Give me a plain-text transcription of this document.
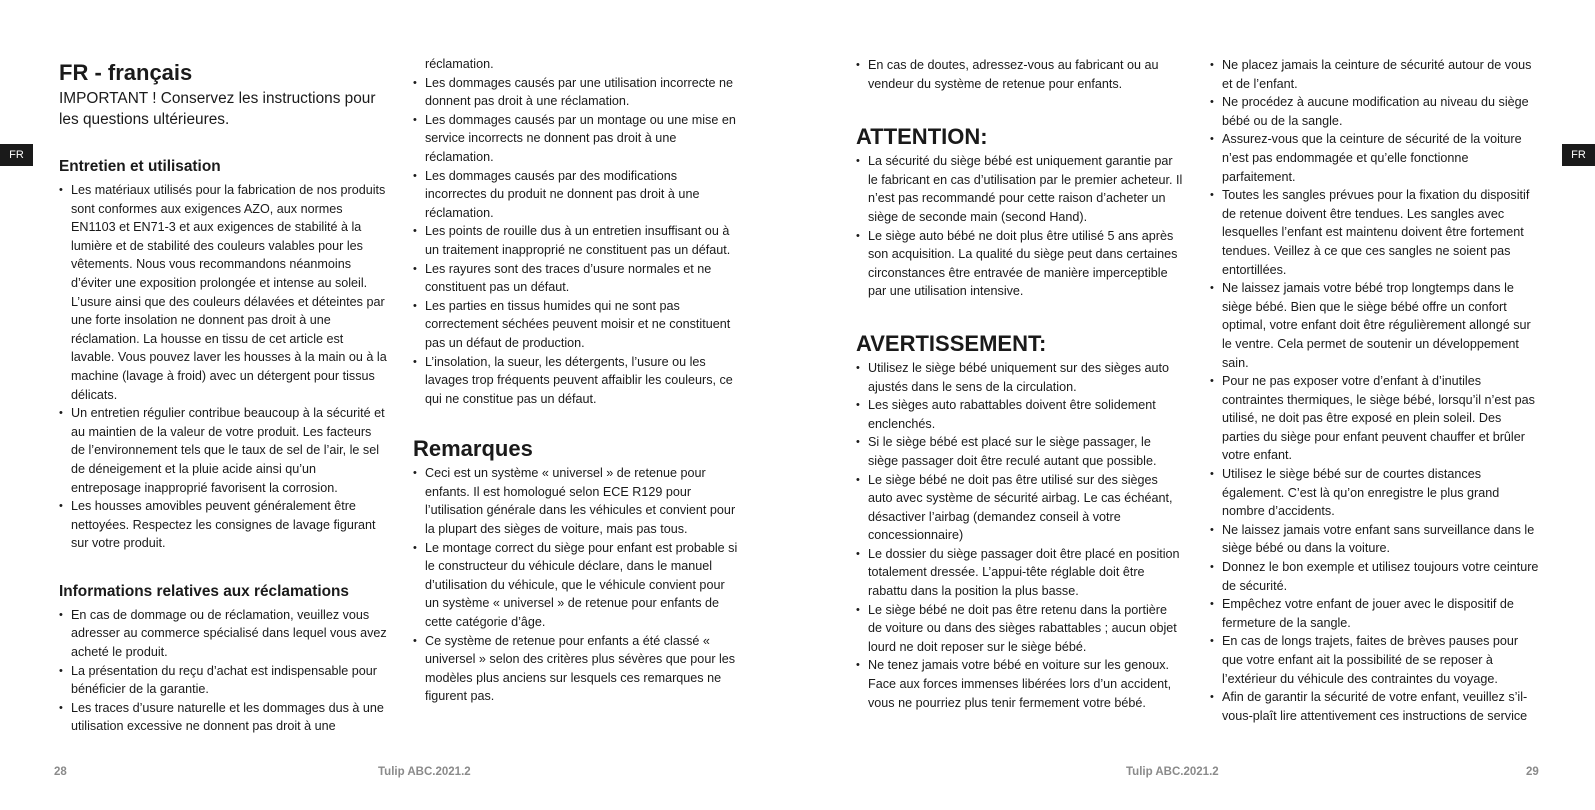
FR	FR
FR - français

IMPORTANT ! Conservez les instructions pour les questions ultérieures.

Entretien et utilisation
• Les matériaux utilisés pour la fabrication de nos produits sont conformes aux exigences AZO, aux normes EN1103 et EN71-3 et aux exigences de stabilité à la lumière et de stabilité des couleurs valables pour les vêtements. Nous vous recommandons néanmoins d’éviter une exposition prolongée et intense au soleil. L’usure ainsi que des couleurs délavées et déteintes par une forte insolation ne donnent pas droit à une réclamation. La housse en tissu de cet article est lavable. Vous pouvez laver les housses à la main ou à la machine (lavage à froid) avec un détergent pour tissus délicats.
• Un entretien régulier contribue beaucoup à la sécurité et au maintien de la valeur de votre produit. Les facteurs de l’environnement tels que le taux de sel de l’air, le sel de déneigement et la pluie acide ainsi qu’un entreposage inapproprié favorisent la corrosion.
• Les housses amovibles peuvent généralement être nettoyées. Respectez les consignes de lavage figurant sur votre produit.
Informations relatives aux réclamations
• En cas de dommage ou de réclamation, veuillez vous adresser au commerce spécialisé dans lequel vous avez acheté le produit.
• La présentation du reçu d’achat est indispensable pour bénéficier de la garantie.
• Les traces d’usure naturelle et les dommages dus à une utilisation excessive ne donnent pas droit à une
réclamation.
• Les dommages causés par une utilisation incorrecte ne donnent pas droit à une réclamation.
• Les dommages causés par un montage ou une mise en service incorrects ne donnent pas droit à une réclamation.
• Les dommages causés par des modifications incorrectes du produit ne donnent pas droit à une réclamation.
• Les points de rouille dus à un entretien insuffisant ou à un traitement inapproprié ne constituent pas un défaut.
• Les rayures sont des traces d’usure normales et ne constituent pas un défaut.
• Les parties en tissus humides qui ne sont pas correctement séchées peuvent moisir et ne constituent pas un défaut de production.
• L’insolation, la sueur, les détergents, l’usure ou les lavages trop fréquents peuvent affaiblir les couleurs, ce qui ne constitue pas un défaut.
Remarques
• Ceci est un système « universel » de retenue pour enfants. Il est homologué selon ECE R129 pour l’utilisation générale dans les véhicules et convient pour la plupart des sièges de voiture, mais pas tous.
• Le montage correct du siège pour enfant est probable si le constructeur du véhicule déclare, dans le manuel d’utilisation du véhicule, que le véhicule convient pour un système « universel » de retenue pour enfants de cette catégorie d’âge.
• Ce système de retenue pour enfants a été classé « universel » selon des critères plus sévères que pour les modèles plus anciens sur lesquels ces remarques ne figurent pas.
• En cas de doutes, adressez-vous au fabricant ou au vendeur du système de retenue pour enfants.
ATTENTION:
• La sécurité du siège bébé est uniquement garantie par le fabricant en cas d’utilisation par le premier acheteur. Il n’est pas recommandé pour cette raison d’acheter un siège de seconde main (second Hand).
• Le siège auto bébé ne doit plus être utilisé 5 ans après son acquisition. La qualité du siège peut dans certaines circonstances être entravée de manière imperceptible par une utilisation intensive.
AVERTISSEMENT:
• Utilisez le siège bébé uniquement sur des sièges auto ajustés dans le sens de la circulation.
• Les sièges auto rabattables doivent être solidement enclenchés.
• Si le siège bébé est placé sur le siège passager, le siège passager doit être reculé autant que possible.
• Le siège bébé ne doit pas être utilisé sur des sièges auto avec système de sécurité airbag. Le cas échéant, désactiver l’airbag (demandez conseil à votre concessionnaire)
• Le dossier du siège passager doit être placé en position totalement dressée. L’appui-tête réglable doit être rabattu dans la position la plus basse.
• Le siège bébé ne doit pas être retenu dans la portière de voiture ou dans des sièges rabattables ; aucun objet lourd ne doit reposer sur le siège bébé.
• Ne tenez jamais votre bébé en voiture sur les genoux. Face aux forces immenses libérées lors d’un accident, vous ne pourriez plus tenir fermement votre bébé.
• Ne placez jamais la ceinture de sécurité autour de vous et de l’enfant.
• Ne procédez à aucune modification au niveau du siège bébé ou de la sangle.
• Assurez-vous que la ceinture de sécurité de la voiture n’est pas endommagée et qu’elle fonctionne parfaitement.
• Toutes les sangles prévues pour la fixation du dispositif de retenue doivent être tendues. Les sangles avec lesquelles l’enfant est maintenu doivent être fortement tendues. Veillez à ce que ces sangles ne soient pas entortillées.
• Ne laissez jamais votre bébé trop longtemps dans le siège bébé. Bien que le siège bébé offre un confort optimal, votre enfant doit être régulièrement allongé sur le ventre. Cela permet de soutenir un développement sain.
• Pour ne pas exposer votre d’enfant à d’inutiles contraintes thermiques, le siège bébé, lorsqu’il n’est pas utilisé, ne doit pas être exposé en plein soleil. Des parties du siège pour enfant peuvent chauffer et brûler votre enfant.
• Utilisez le siège bébé sur de courtes distances également. C’est là qu’on enregistre le plus grand nombre d’accidents.
• Ne laissez jamais votre enfant sans surveillance dans le siège bébé ou dans la voiture.
• Donnez le bon exemple et utilisez toujours votre ceinture de sécurité.
• Empêchez votre enfant de jouer avec le dispositif de fermeture de la sangle.
• En cas de longs trajets, faites de brèves pauses pour que votre enfant ait la possibilité de se reposer à l’extérieur du véhicule des contraintes du voyage.
• Afin de garantir la sécurité de votre enfant, veuillez s’il-vous-plaît lire attentivement ces instructions de service
28	Tulip ABC.2021.2	Tulip ABC.2021.2	29
